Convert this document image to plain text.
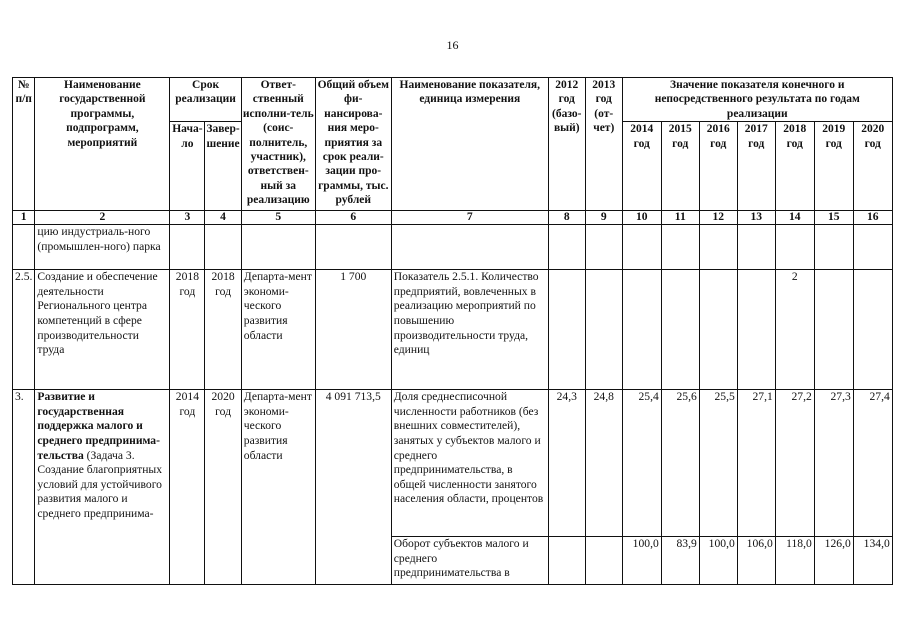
16
№ п/п	Наименование государственной программы, подпрограмм, мероприятий	Срок реализации		Ответ-ственный исполни-тель (соис-полнитель, участник), ответствен-ный за реализацию	Общий объем фи-нансирова-ния меро-приятия за срок реали-зации про-граммы, тыс. рублей	Наименование показателя, единица измерения	2012 год (базо-вый)	2013 год (от-чет)	Значение показателя конечного и непосредственного результата по годам реализации						
		Нача-ло	Завер-шение						2014 год	2015 год	2016 год	2017 год	2018 год	2019 год	2020 год
1	2	3	4	5	6	7	8	9	10	11	12	13	14	15	16
	цию индустриаль-ного (промышлен-ного) парка														
2.5.	Создание и обеспечение деятельности Регионального центра компетенций в сфере производительности труда	2018 год	2018 год	Департа-мент экономи-ческого развития области	1 700	Показатель 2.5.1. Количество предприятий, вовлеченных в реализацию мероприятий по повышению производительности труда, единиц							2		
3.	Развитие и государственная поддержка малого и среднего предпринима-тельства (Задача 3. Создание благоприятных условий для устойчивого развития малого и среднего предпринима-	2014 год	2020 год	Департа-мент экономи-ческого развития области	4 091 713,5	Доля среднесписочной численности работников (без внешних совместителей), занятых у субъектов малого и среднего предпринимательства, в общей численности занятого населения области, процентов	24,3	24,8	25,4	25,6	25,5	27,1	27,2	27,3	27,4
						Оборот субъектов малого и среднего предпринимательства в			100,0	83,9	100,0	106,0	118,0	126,0	134,0
